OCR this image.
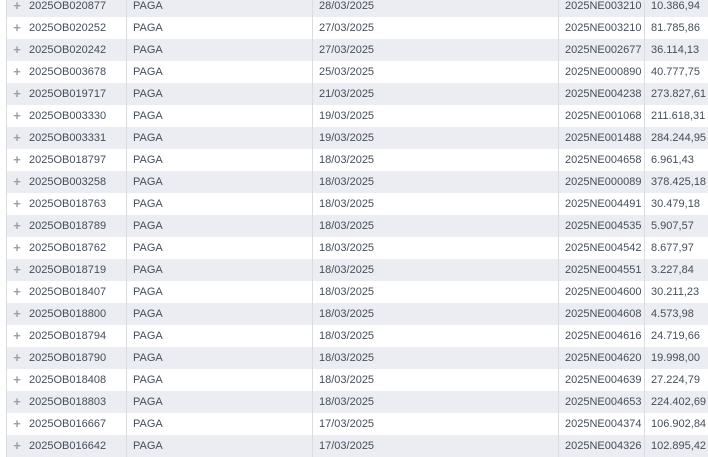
+ 2025OB020877	PAGA	28/03/2025	2025NE003210 10.386,94
+ 2025OB020252	PAGA	27/03/2025	2025NE003210 81.785,86
+ 2025OB020242	PAGA	27/03/2025	2025NE002677 36.114,13
+ 2025OB003678	PAGA	25/03/2025	2025NE000890 40.777,75
+ 2025OB019717	PAGA	21/03/2025	2025NE004238 273.827,61
+ 2025OB003330	PAGA	19/03/2025	2025NE001068 211.618,31
+ 2025OB003331	PAGA	19/03/2025	2025NE001488 284.244,95
+ 2025OB018797	PAGA	18/03/2025	2025NE004658 6.961,43
+ 2025OB003258	PAGA	18/03/2025	2025NE000089 378.425,18
+ 2025OB018763	PAGA	18/03/2025	2025NE004491 30.479,18
+ 2025OB018789	PAGA	18/03/2025	2025NE004535 5.907,57
+ 2025OB018762	PAGA	18/03/2025	2025NE004542 8.677,97
+ 2025OB018719	PAGA	18/03/2025	2025NE004551 3.227,84
+ 2025OB018407	PAGA	18/03/2025	2025NE004600 30.211,23
+ 2025OB018800	PAGA	18/03/2025	2025NE004608 4.573,98
+ 2025OB018794	PAGA	18/03/2025	2025NE004616 24.719,66
+ 2025OB018790	PAGA	18/03/2025	2025NE004620 19.998,00
+ 2025OB018408	PAGA	18/03/2025	2025NE004639 27.224,79
+ 2025OB018803	PAGA	18/03/2025	2025NE004653 224.402,69
+ 2025OB016667	PAGA	17/03/2025	2025NE004374 106.902,84
+ 2025OB016642	PAGA	17/03/2025	2025NE004326 102.895,42
